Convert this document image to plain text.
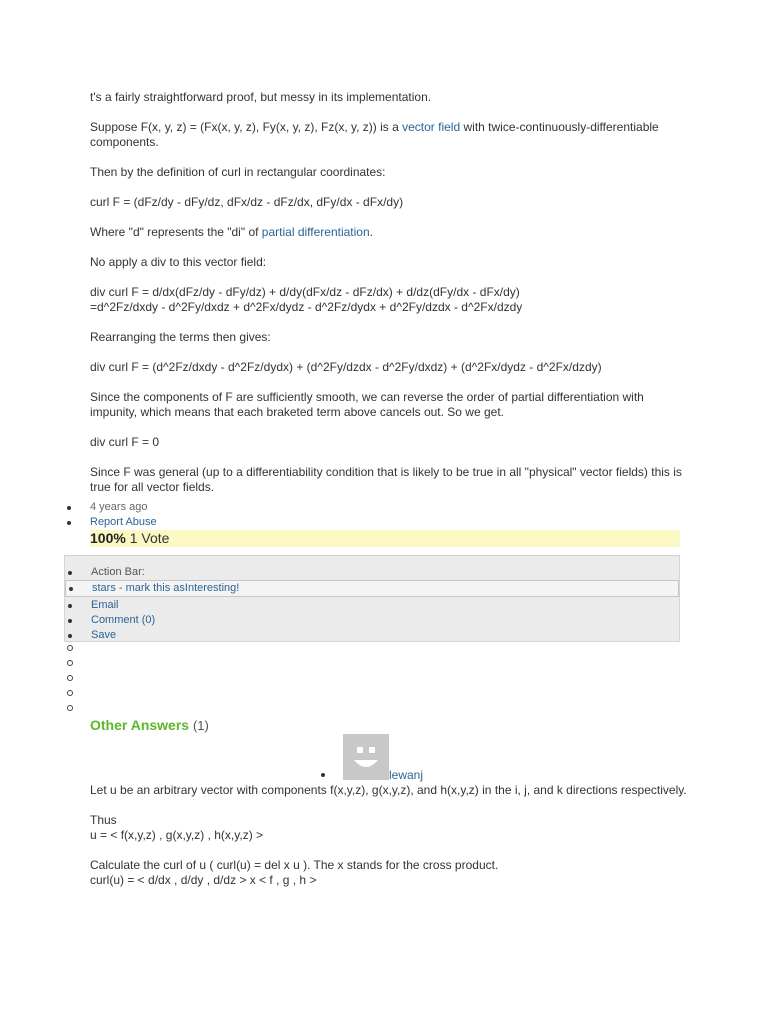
t's a fairly straightforward proof, but messy in its implementation.

Suppose F(x, y, z) = (Fx(x, y, z), Fy(x, y, z), Fz(x, y, z)) is a vector field with twice-continuously-differentiable components.

Then by the definition of curl in rectangular coordinates:

curl F = (dFz/dy - dFy/dz, dFx/dz - dFz/dx, dFy/dx - dFx/dy)

Where "d" represents the "di" of partial differentiation.

No apply a div to this vector field:

div curl F = d/dx(dFz/dy - dFy/dz) + d/dy(dFx/dz - dFz/dx) + d/dz(dFy/dx - dFx/dy)

=d^2Fz/dxdy - d^2Fy/dxdz + d^2Fx/dydz - d^2Fz/dydx + d^2Fy/dzdx - d^2Fx/dzdy

Rearranging the terms then gives:

div curl F = (d^2Fz/dxdy - d^2Fz/dydx) + (d^2Fy/dzdx - d^2Fy/dxdz) + (d^2Fx/dydz - d^2Fx/dzdy)

Since the components of F are sufficiently smooth, we can reverse the order of partial differentiation with impunity, which means that each braketed term above cancels out. So we get.

div curl F = 0

Since F was general (up to a differentiability condition that is likely to be true in all "physical" vector fields) this is true for all vector fields.

4 years ago
Report Abuse
100% 1 Vote
Action Bar:
stars - mark this asInteresting!
Email
Comment (0)
Save
Other Answers (1)
lewanj

Let u be an arbitrary vector with components f(x,y,z), g(x,y,z), and h(x,y,z) in the i, j, and k directions respectively.

Thus

u = < f(x,y,z) , g(x,y,z) , h(x,y,z) >

Calculate the curl of u ( curl(u) = del x u ). The x stands for the cross product.

curl(u) = < d/dx , d/dy , d/dz > x < f , g , h >
